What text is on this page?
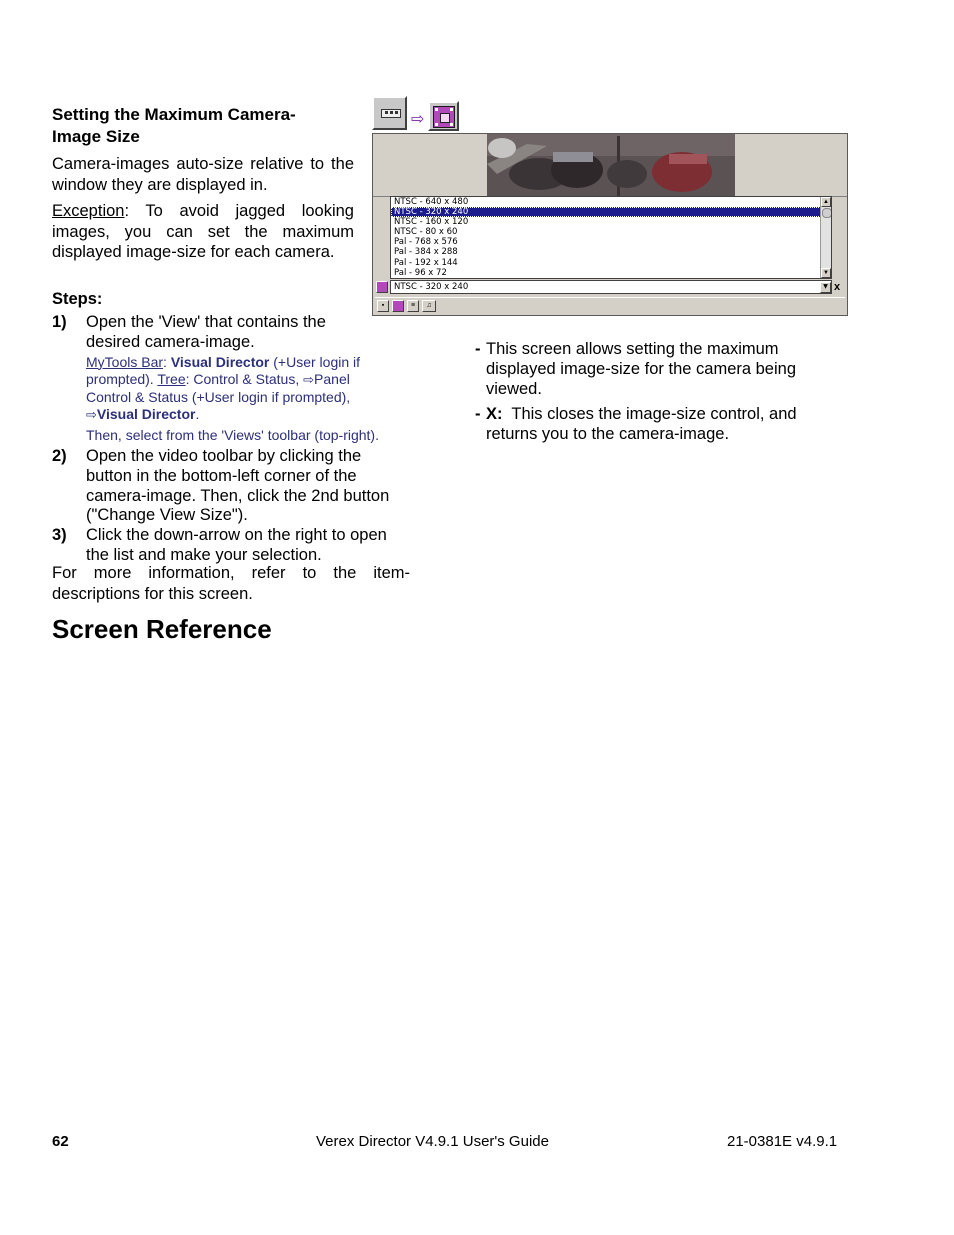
Setting the Maximum Camera-
Image Size
Camera-images auto-size relative to the window they are displayed in.
Exception: To avoid jagged looking images, you can set the maximum displayed image-size for each camera.
Steps:
1) Open the 'View' that contains the desired camera-image.
MyTools Bar: Visual Director (+User login if prompted). Tree: Control & Status, ⇨Panel Control & Status (+User login if prompted), ⇨Visual Director.
Then, select from the 'Views' toolbar (top-right).
2) Open the video toolbar by clicking the button in the bottom-left corner of the camera-image. Then, click the 2nd button ("Change View Size").
3) Click the down-arrow on the right to open the list and make your selection.
For more information, refer to the item-descriptions for this screen.
Screen Reference
⇨
NTSC - 640 x 480
NTSC - 320 x 240
NTSC - 160 x 120
NTSC - 80 x 60
Pal - 768 x 576
Pal - 384 x 288
Pal - 192 x 144
Pal - 96 x 72
▲
▼
NTSC - 320 x 240	▼ x
▪	≡	♫
- This screen allows setting the maximum displayed image-size for the camera being viewed.
- X:  This closes the image-size control, and returns you to the camera-image.
62	Verex Director V4.9.1 User's Guide	21-0381E v4.9.1
